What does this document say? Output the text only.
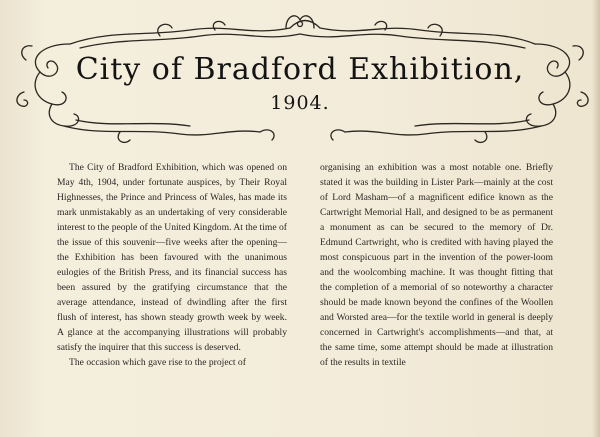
City of Bradford Exhibition,
1904.

The City of Bradford Exhibition, which was opened on May 4th, 1904, under fortunate auspices, by Their Royal Highnesses, the Prince and Princess of Wales, has made its mark unmistakably as an undertaking of very considerable interest to the people of the United Kingdom. At the time of the issue of this souvenir—five weeks after the opening—the Exhibition has been favoured with the unanimous eulogies of the British Press, and its financial success has been assured by the gratifying circumstance that the average attendance, instead of dwindling after the first flush of interest, has shown steady growth week by week. A glance at the accompanying illustrations will probably satisfy the inquirer that this success is deserved.

The occasion which gave rise to the project of

organising an exhibition was a most notable one. Briefly stated it was the building in Lister Park—mainly at the cost of Lord Masham—of a magnificent edifice known as the Cartwright Memorial Hall, and designed to be as permanent a monument as can be secured to the memory of Dr. Edmund Cartwright, who is credited with having played the most conspicuous part in the invention of the power-loom and the woolcombing machine. It was thought fitting that the completion of a memorial of so noteworthy a character should be made known beyond the confines of the Woollen and Worsted area—for the textile world in general is deeply concerned in Cartwright's accomplishments—and that, at the same time, some attempt should be made at illustration of the results in textile
